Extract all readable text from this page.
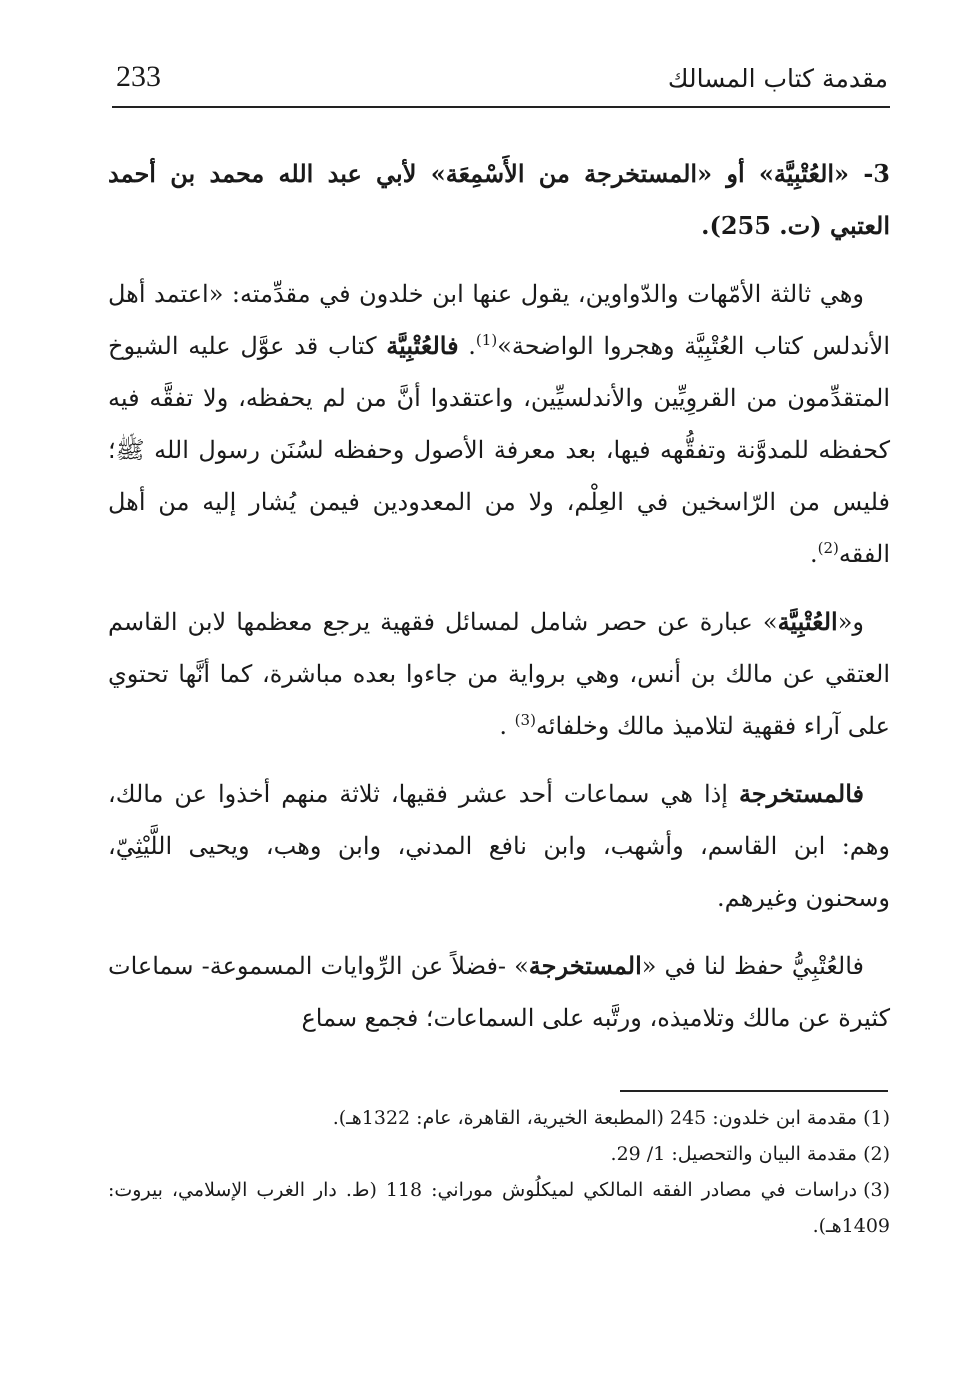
233	مقدمة كتاب المسالك

3- «العُتْبِيَّة» أو «المستخرجة من الأَسْمِعَة» لأبي عبد الله محمد بن أحمد العتبي (ت. 255).

وهي ثالثة الأمّهات والدّواوين، يقول عنها ابن خلدون في مقدِّمته: «اعتمد أهل الأندلس كتاب العُتْبِيَّة وهجروا الواضحة»$^{(1)}$. فالعُتْبِيَّة كتاب قد عوَّل عليه الشيوخ المتقدِّمون من القروِيِّين والأندلسيِّين، واعتقدوا أنَّ من لم يحفظه، ولا تفقَّه فيه كحفظه للمدوَّنة وتفقُّهه فيها، بعد معرفة الأصول وحفظه لسُنَن رسول الله ﷺ؛ فليس من الرّاسخين في العِلْم، ولا من المعدودين فيمن يُشار إليه من أهل الفقه$^{(2)}$.

و«العُتْبِيَّة» عبارة عن حصر شامل لمسائل فقهية يرجع معظمها لابن القاسم العتقي عن مالك بن أنس، وهي برواية من جاءوا بعده مباشرة، كما أنَّها تحتوي على آراء فقهية لتلاميذ مالك وخلفائه$^{(3)}$ .

فالمستخرجة إذا هي سماعات أحد عشر فقيها، ثلاثة منهم أخذوا عن مالك، وهم: ابن القاسم، وأشهب، وابن نافع المدني، وابن وهب، ويحيى اللَّيْثِيّ، وسحنون وغيرهم.

فالعُتْبِيُّ حفظ لنا في «المستخرجة» -فضلاً عن الرِّوايات المسموعة- سماعات كثيرة عن مالك وتلاميذه، ورتَّبه على السماعات؛ فجمع سماع

(1)مقدمة ابن خلدون: 245 (المطبعة الخيرية، القاهرة، عام: 1322هـ).

(2)مقدمة البيان والتحصيل: 1/ 29.

(3)دراسات في مصادر الفقه المالكي لميكلُوش موراني: 118 (ط. دار الغرب الإسلامي، بيروت: 1409هـ).
